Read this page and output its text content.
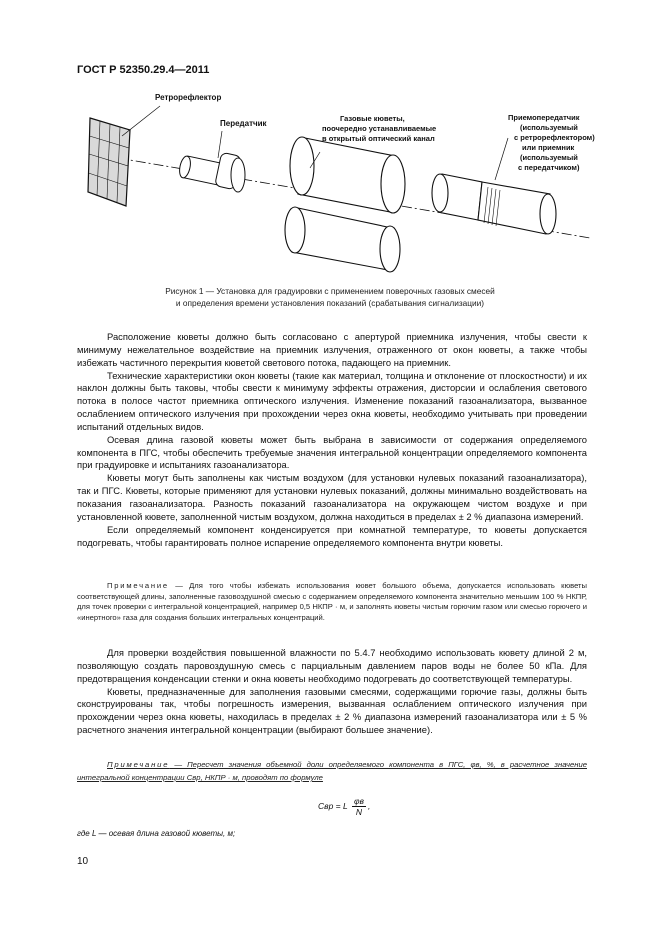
ГОСТ Р 52350.29.4—2011
Ретрорефлектор
Передатчик
Газовые кюветы,
поочередно устанавливаемые
в открытый оптический канал
Приемопередатчик
(используемый
с ретрорефлектором)
или приемник
(используемый
с передатчиком)
Рисунок 1 — Установка для градуировки с применением поверочных газовых смесей
и определения времени установления показаний (срабатывания сигнализации)

Расположение кюветы должно быть согласовано с апертурой приемника излучения, чтобы свести к минимуму нежелательное воздействие на приемник излучения, отраженного от окон кюветы, а также чтобы избежать частичного перекрытия кюветой светового потока, падающего на приемник.

Технические характеристики окон кюветы (такие как материал, толщина и отклонение от плоскостности) и их наклон должны быть таковы, чтобы свести к минимуму эффекты отражения, дисторсии и ослабления светового потока в полосе частот приемника оптического излучения. Изменение показаний газоанализатора, вызванное ослаблением оптического излучения при прохождении через окна кюветы, необходимо учитывать при проведении испытаний отдельных видов.

Осевая длина газовой кюветы может быть выбрана в зависимости от содержания определяемого компонента в ПГС, чтобы обеспечить требуемые значения интегральной концентрации определяемого компонента при градуировке и испытаниях газоанализатора.

Кюветы могут быть заполнены как чистым воздухом (для установки нулевых показаний газоанализатора), так и ПГС. Кюветы, которые применяют для установки нулевых показаний, должны минимально воздействовать на показания газоанализатора. Разность показаний газоанализатора на окружающем чистом воздухе и при установленной кювете, заполненной чистым воздухом, должна находиться в пределах ± 2 % диапазона измерений.

Если определяемый компонент конденсируется при комнатной температуре, то кюветы допускается подогревать, чтобы гарантировать полное испарение определяемого компонента внутри кюветы.

Примечание — Для того чтобы избежать использования кювет большого объема, допускается использовать кюветы соответствующей длины, заполненные газовоздушной смесью с содержанием определяемого компонента значительно меньшим 100 % НКПР, для точек проверки с интегральной концентрацией, например 0,5 НКПР · м, и заполнять кюветы чистым горючим газом или смесью горючего и «инертного» газа для создания больших интегральных концентраций.

Для проверки воздействия повышенной влажности по 5.4.7 необходимо использовать кювету длиной 2 м, позволяющую создать паровоздушную смесь с парциальным давлением паров воды не более 50 кПа. Для предотвращения конденсации стенки и окна кюветы необходимо подогревать до соответствующей температуры.

Кюветы, предназначенные для заполнения газовыми смесями, содержащими горючие газы, должны быть сконструированы так, чтобы погрешность измерения, вызванная ослаблением оптического излучения при прохождении через окна кюветы, находилась в пределах ± 2 % диапазона измерений газоанализатора или ± 5 % расчетного значения интегральной концентрации (выбирают большее значение).

Примечание — Пересчет значения объемной доли определяемого компонента в ПГС, φв, %, в расчетное значение интегральной концентрации Свр, НКПР · м, проводят по формуле

Cвр = L φв
N
,
где L — осевая длина газовой кюветы, м;
10
